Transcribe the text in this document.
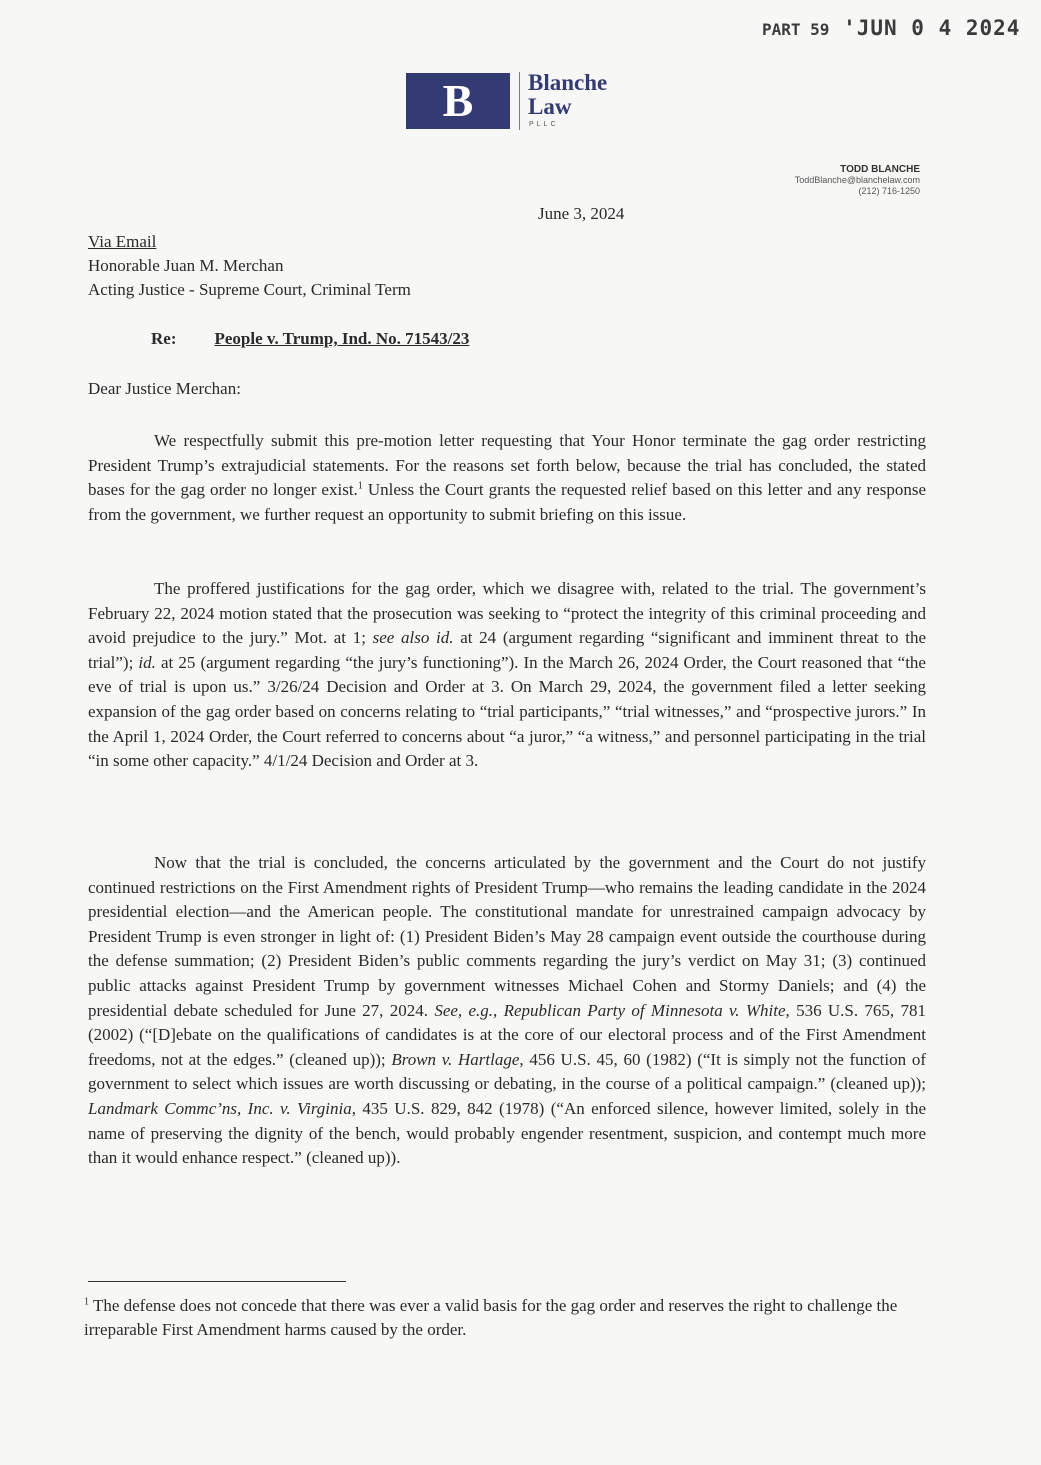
PART 59 'JUN 0 4 2024
B Blanche
Law
PLLC
TODD BLANCHE
ToddBlanche@blanchelaw.com
(212) 716-1250
June 3, 2024
Via Email
Honorable Juan M. Merchan
Acting Justice - Supreme Court, Criminal Term
Re: People v. Trump, Ind. No. 71543/23
Dear Justice Merchan:

We respectfully submit this pre-motion letter requesting that Your Honor terminate the gag order restricting President Trump’s extrajudicial statements. For the reasons set forth below, because the trial has concluded, the stated bases for the gag order no longer exist.$^1$ Unless the Court grants the requested relief based on this letter and any response from the government, we further request an opportunity to submit briefing on this issue.

The proffered justifications for the gag order, which we disagree with, related to the trial. The government’s February 22, 2024 motion stated that the prosecution was seeking to “protect the integrity of this criminal proceeding and avoid prejudice to the jury.” Mot. at 1; see also id. at 24 (argument regarding “significant and imminent threat to the trial”); id. at 25 (argument regarding “the jury’s functioning”). In the March 26, 2024 Order, the Court reasoned that “the eve of trial is upon us.” 3/26/24 Decision and Order at 3. On March 29, 2024, the government filed a letter seeking expansion of the gag order based on concerns relating to “trial participants,” “trial witnesses,” and “prospective jurors.” In the April 1, 2024 Order, the Court referred to concerns about “a juror,” “a witness,” and personnel participating in the trial “in some other capacity.” 4/1/24 Decision and Order at 3.

Now that the trial is concluded, the concerns articulated by the government and the Court do not justify continued restrictions on the First Amendment rights of President Trump—who remains the leading candidate in the 2024 presidential election—and the American people. The constitutional mandate for unrestrained campaign advocacy by President Trump is even stronger in light of: (1) President Biden’s May 28 campaign event outside the courthouse during the defense summation; (2) President Biden’s public comments regarding the jury’s verdict on May 31; (3) continued public attacks against President Trump by government witnesses Michael Cohen and Stormy Daniels; and (4) the presidential debate scheduled for June 27, 2024. See, e.g., Republican Party of Minnesota v. White, 536 U.S. 765, 781 (2002) (“[D]ebate on the qualifications of candidates is at the core of our electoral process and of the First Amendment freedoms, not at the edges.” (cleaned up)); Brown v. Hartlage, 456 U.S. 45, 60 (1982) (“It is simply not the function of government to select which issues are worth discussing or debating, in the course of a political campaign.” (cleaned up)); Landmark Commc’ns, Inc. v. Virginia, 435 U.S. 829, 842 (1978) (“An enforced silence, however limited, solely in the name of preserving the dignity of the bench, would probably engender resentment, suspicion, and contempt much more than it would enhance respect.” (cleaned up)).

$^1$ The defense does not concede that there was ever a valid basis for the gag order and reserves the right to challenge the irreparable First Amendment harms caused by the order.
